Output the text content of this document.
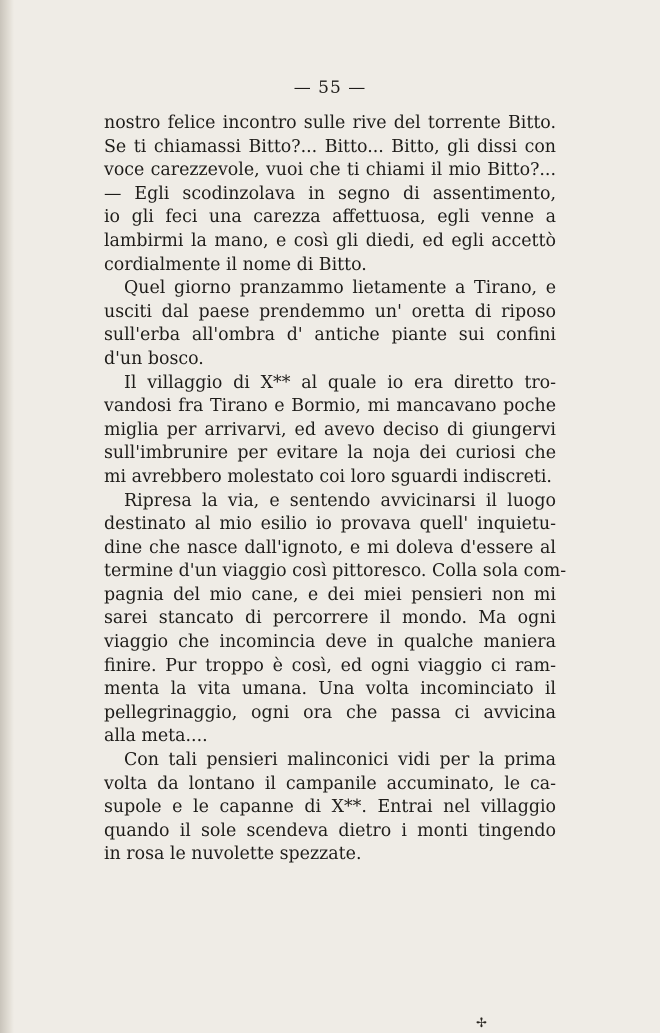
— 55 —
nostro felice incontro sulle rive del torrente Bitto.
Se ti chiamassi Bitto?... Bitto... Bitto, gli dissi con
voce carezzevole, vuoi che ti chiami il mio Bitto?...
— Egli scodinzolava in segno di assentimento,
io gli feci una carezza affettuosa, egli venne a
lambirmi la mano, e così gli diedi, ed egli accettò
cordialmente il nome di Bitto.
Quel giorno pranzammo lietamente a Tirano, e
usciti dal paese prendemmo un' oretta di riposo
sull'erba all'ombra d' antiche piante sui confini
d'un bosco.
Il villaggio di X** al quale io era diretto tro-
vandosi fra Tirano e Bormio, mi mancavano poche
miglia per arrivarvi, ed avevo deciso di giungervi
sull'imbrunire per evitare la noja dei curiosi che
mi avrebbero molestato coi loro sguardi indiscreti.
Ripresa la via, e sentendo avvicinarsi il luogo
destinato al mio esilio io provava quell' inquietu-
dine che nasce dall'ignoto, e mi doleva d'essere al
termine d'un viaggio così pittoresco. Colla sola com-
pagnia del mio cane, e dei miei pensieri non mi
sarei stancato di percorrere il mondo. Ma ogni
viaggio che incomincia deve in qualche maniera
finire. Pur troppo è così, ed ogni viaggio ci ram-
menta la vita umana. Una volta incominciato il
pellegrinaggio, ogni ora che passa ci avvicina
alla meta....
Con tali pensieri malinconici vidi per la prima
volta da lontano il campanile accuminato, le ca-
supole e le capanne di X**. Entrai nel villaggio
quando il sole scendeva dietro i monti tingendo
in rosa le nuvolette spezzate.
✢
